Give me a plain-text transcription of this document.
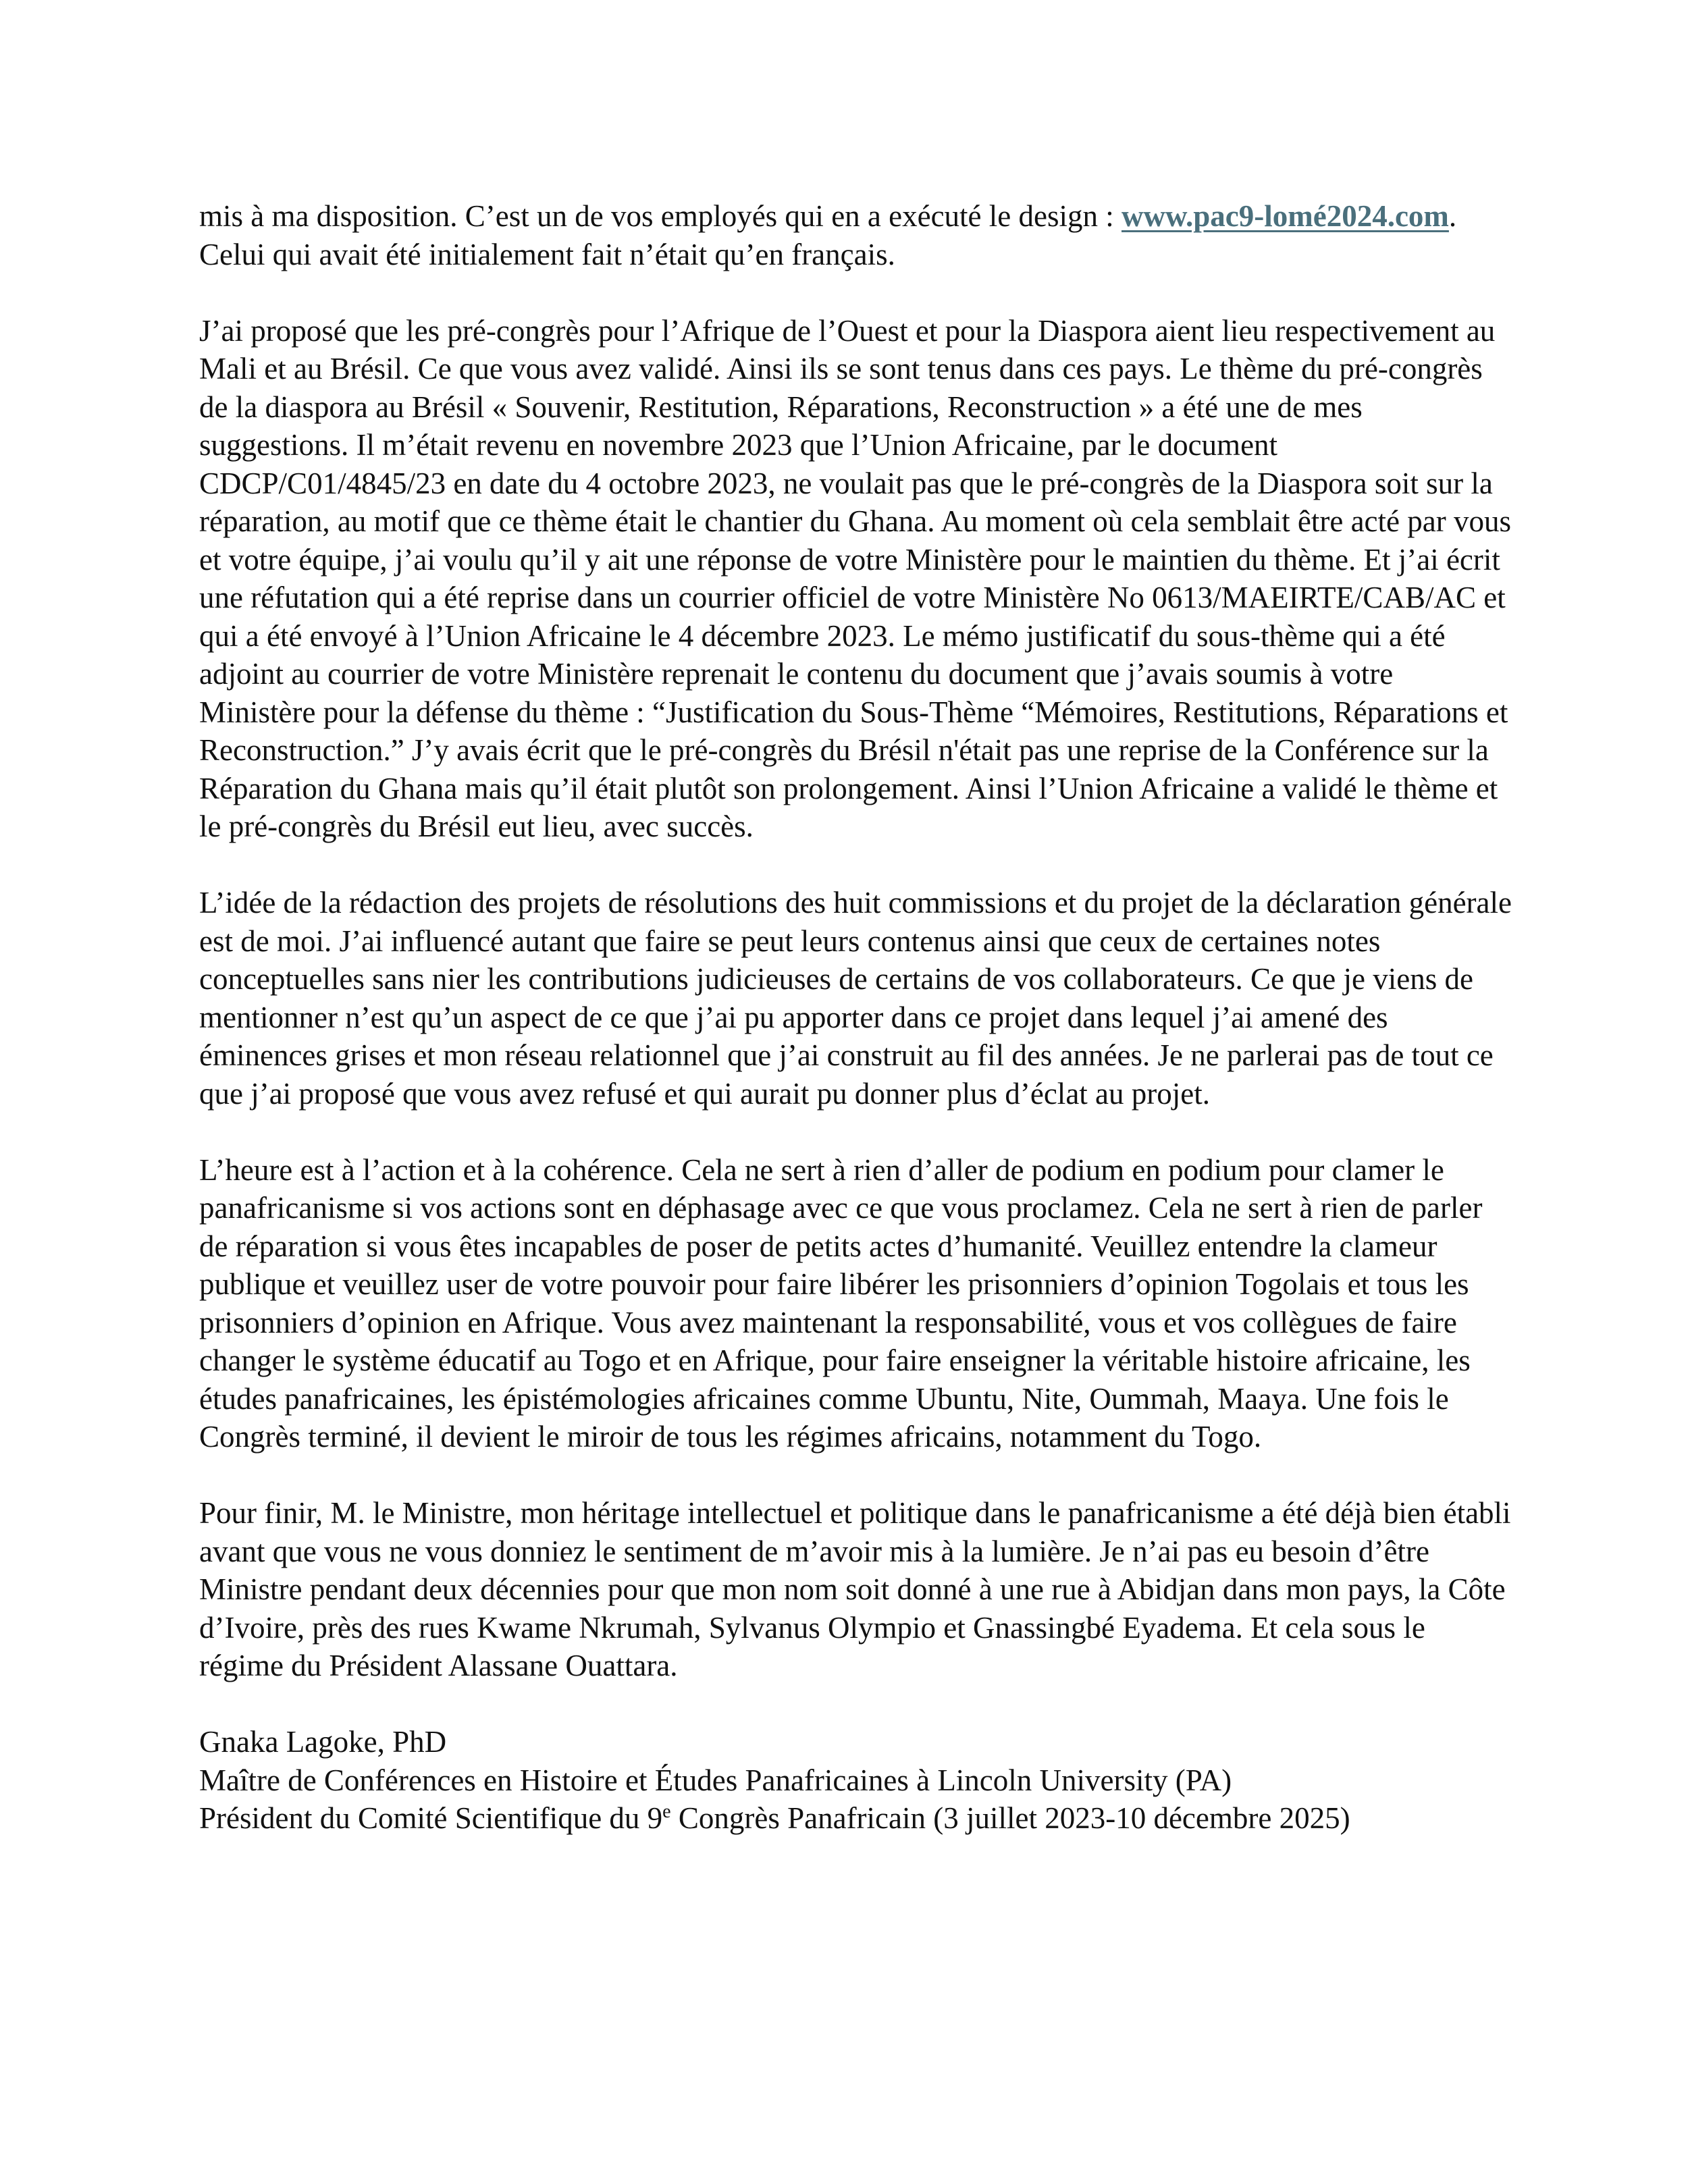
mis à ma disposition. C’est un de vos employés qui en a exécuté le design : www.pac9-lomé2024.com. Celui qui avait été initialement fait n’était qu’en français.

J’ai proposé que les pré-congrès pour l’Afrique de l’Ouest et pour la Diaspora aient lieu respectivement au Mali et au Brésil. Ce que vous avez validé. Ainsi ils se sont tenus dans ces pays. Le thème du pré-congrès de la diaspora au Brésil « Souvenir, Restitution, Réparations, Reconstruction » a été une de mes suggestions. Il m’était revenu en novembre 2023 que l’Union Africaine, par le document CDCP/C01/4845/23 en date du 4 octobre 2023, ne voulait pas que le pré-congrès de la Diaspora soit sur la réparation, au motif que ce thème était le chantier du Ghana. Au moment où cela semblait être acté par vous et votre équipe, j’ai voulu qu’il y ait une réponse de votre Ministère pour le maintien du thème. Et j’ai écrit une réfutation qui a été reprise dans un courrier officiel de votre Ministère No 0613/MAEIRTE/CAB/AC et qui a été envoyé à l’Union Africaine le 4 décembre 2023. Le mémo justificatif du sous-thème qui a été adjoint au courrier de votre Ministère reprenait le contenu du document que j’avais soumis à votre Ministère pour la défense du thème : “Justification du Sous-Thème “Mémoires, Restitutions, Réparations et Reconstruction.” J’y avais écrit que le pré-congrès du Brésil n'était pas une reprise de la Conférence sur la Réparation du Ghana mais qu’il était plutôt son prolongement. Ainsi l’Union Africaine a validé le thème et le pré-congrès du Brésil eut lieu, avec succès.

L’idée de la rédaction des projets de résolutions des huit commissions et du projet de la déclaration générale est de moi. J’ai influencé autant que faire se peut leurs contenus ainsi que ceux de certaines notes conceptuelles sans nier les contributions judicieuses de certains de vos collaborateurs. Ce que je viens de mentionner n’est qu’un aspect de ce que j’ai pu apporter dans ce projet dans lequel j’ai amené des éminences grises et mon réseau relationnel que j’ai construit au fil des années. Je ne parlerai pas de tout ce que j’ai proposé que vous avez refusé et qui aurait pu donner plus d’éclat au projet.

L’heure est à l’action et à la cohérence. Cela ne sert à rien d’aller de podium en podium pour clamer le panafricanisme si vos actions sont en déphasage avec ce que vous proclamez. Cela ne sert à rien de parler de réparation si vous êtes incapables de poser de petits actes d’humanité. Veuillez entendre la clameur publique et veuillez user de votre pouvoir pour faire libérer les prisonniers d’opinion Togolais et tous les prisonniers d’opinion en Afrique. Vous avez maintenant la responsabilité, vous et vos collègues de faire changer le système éducatif au Togo et en Afrique, pour faire enseigner la véritable histoire africaine, les études panafricaines, les épistémologies africaines comme Ubuntu, Nite, Oummah, Maaya. Une fois le Congrès terminé, il devient le miroir de tous les régimes africains, notamment du Togo.

Pour finir, M. le Ministre, mon héritage intellectuel et politique dans le panafricanisme a été déjà bien établi avant que vous ne vous donniez le sentiment de m’avoir mis à la lumière. Je n’ai pas eu besoin d’être Ministre pendant deux décennies pour que mon nom soit donné à une rue à Abidjan dans mon pays, la Côte d’Ivoire, près des rues Kwame Nkrumah, Sylvanus Olympio et Gnassingbé Eyadema. Et cela sous le régime du Président Alassane Ouattara.

Gnaka Lagoke, PhD
Maître de Conférences en Histoire et Études Panafricaines à Lincoln University (PA)
Président du Comité Scientifique du 9e Congrès Panafricain (3 juillet 2023-10 décembre 2025)
